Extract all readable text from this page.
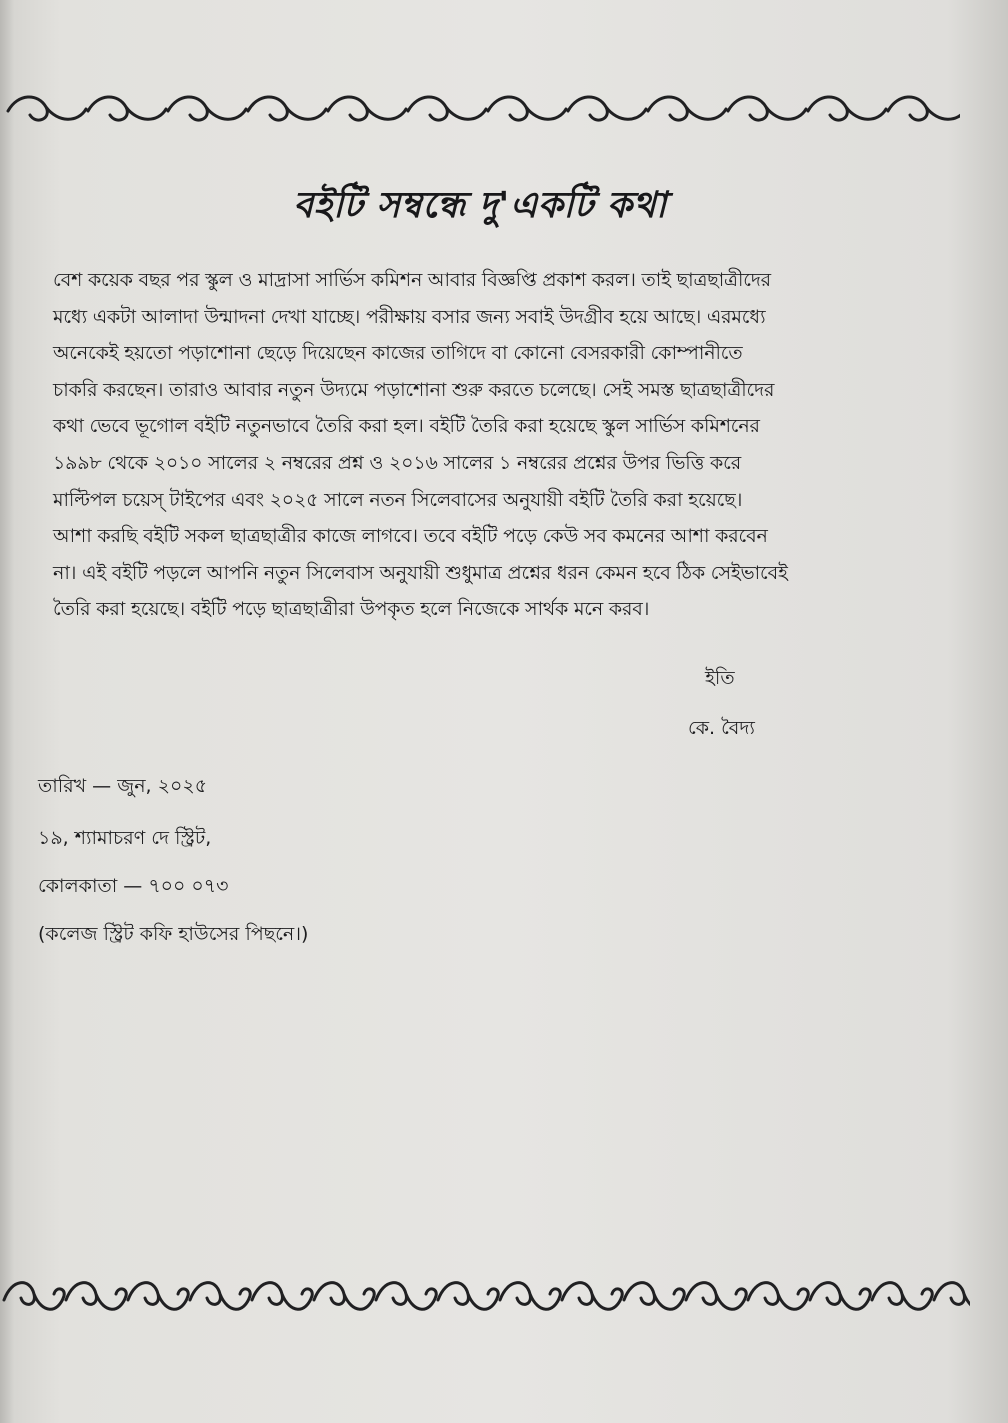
বইটি সম্বন্ধে দু'একটি কথা
বেশ কয়েক বছর পর স্কুল ও মাদ্রাসা সার্ভিস কমিশন আবার বিজ্ঞপ্তি প্রকাশ করল। তাই ছাত্রছাত্রীদের
মধ্যে একটা আলাদা উন্মাদনা দেখা যাচ্ছে। পরীক্ষায় বসার জন্য সবাই উদগ্রীব হয়ে আছে। এরমধ্যে
অনেকেই হয়তো পড়াশোনা ছেড়ে দিয়েছেন কাজের তাগিদে বা কোনো বেসরকারী কোম্পানীতে
চাকরি করছেন। তারাও আবার নতুন উদ্যমে পড়াশোনা শুরু করতে চলেছে। সেই সমস্ত ছাত্রছাত্রীদের
কথা ভেবে ভূগোল বইটি নতুনভাবে তৈরি করা হল। বইটি তৈরি করা হয়েছে স্কুল সার্ভিস কমিশনের
১৯৯৮ থেকে ২০১০ সালের ২ নম্বরের প্রশ্ন ও ২০১৬ সালের ১ নম্বরের প্রশ্নের উপর ভিত্তি করে
মাল্টিপল চয়েস্ টাইপের এবং ২০২৫ সালে নতন সিলেবাসের অনুযায়ী বইটি তৈরি করা হয়েছে।
আশা করছি বইটি সকল ছাত্রছাত্রীর কাজে লাগবে। তবে বইটি পড়ে কেউ সব কমনের আশা করবেন
না। এই বইটি পড়লে আপনি নতুন সিলেবাস অনুযায়ী শুধুমাত্র প্রশ্নের ধরন কেমন হবে ঠিক সেইভাবেই
তৈরি করা হয়েছে। বইটি পড়ে ছাত্রছাত্রীরা উপকৃত হলে নিজেকে সার্থক মনে করব।
ইতি
কে. বৈদ্য
তারিখ — জুন, ২০২৫
১৯, শ্যামাচরণ দে স্ট্রিট,
কোলকাতা — ৭০০ ০৭৩
(কলেজ স্ট্রিট কফি হাউসের পিছনে।)
